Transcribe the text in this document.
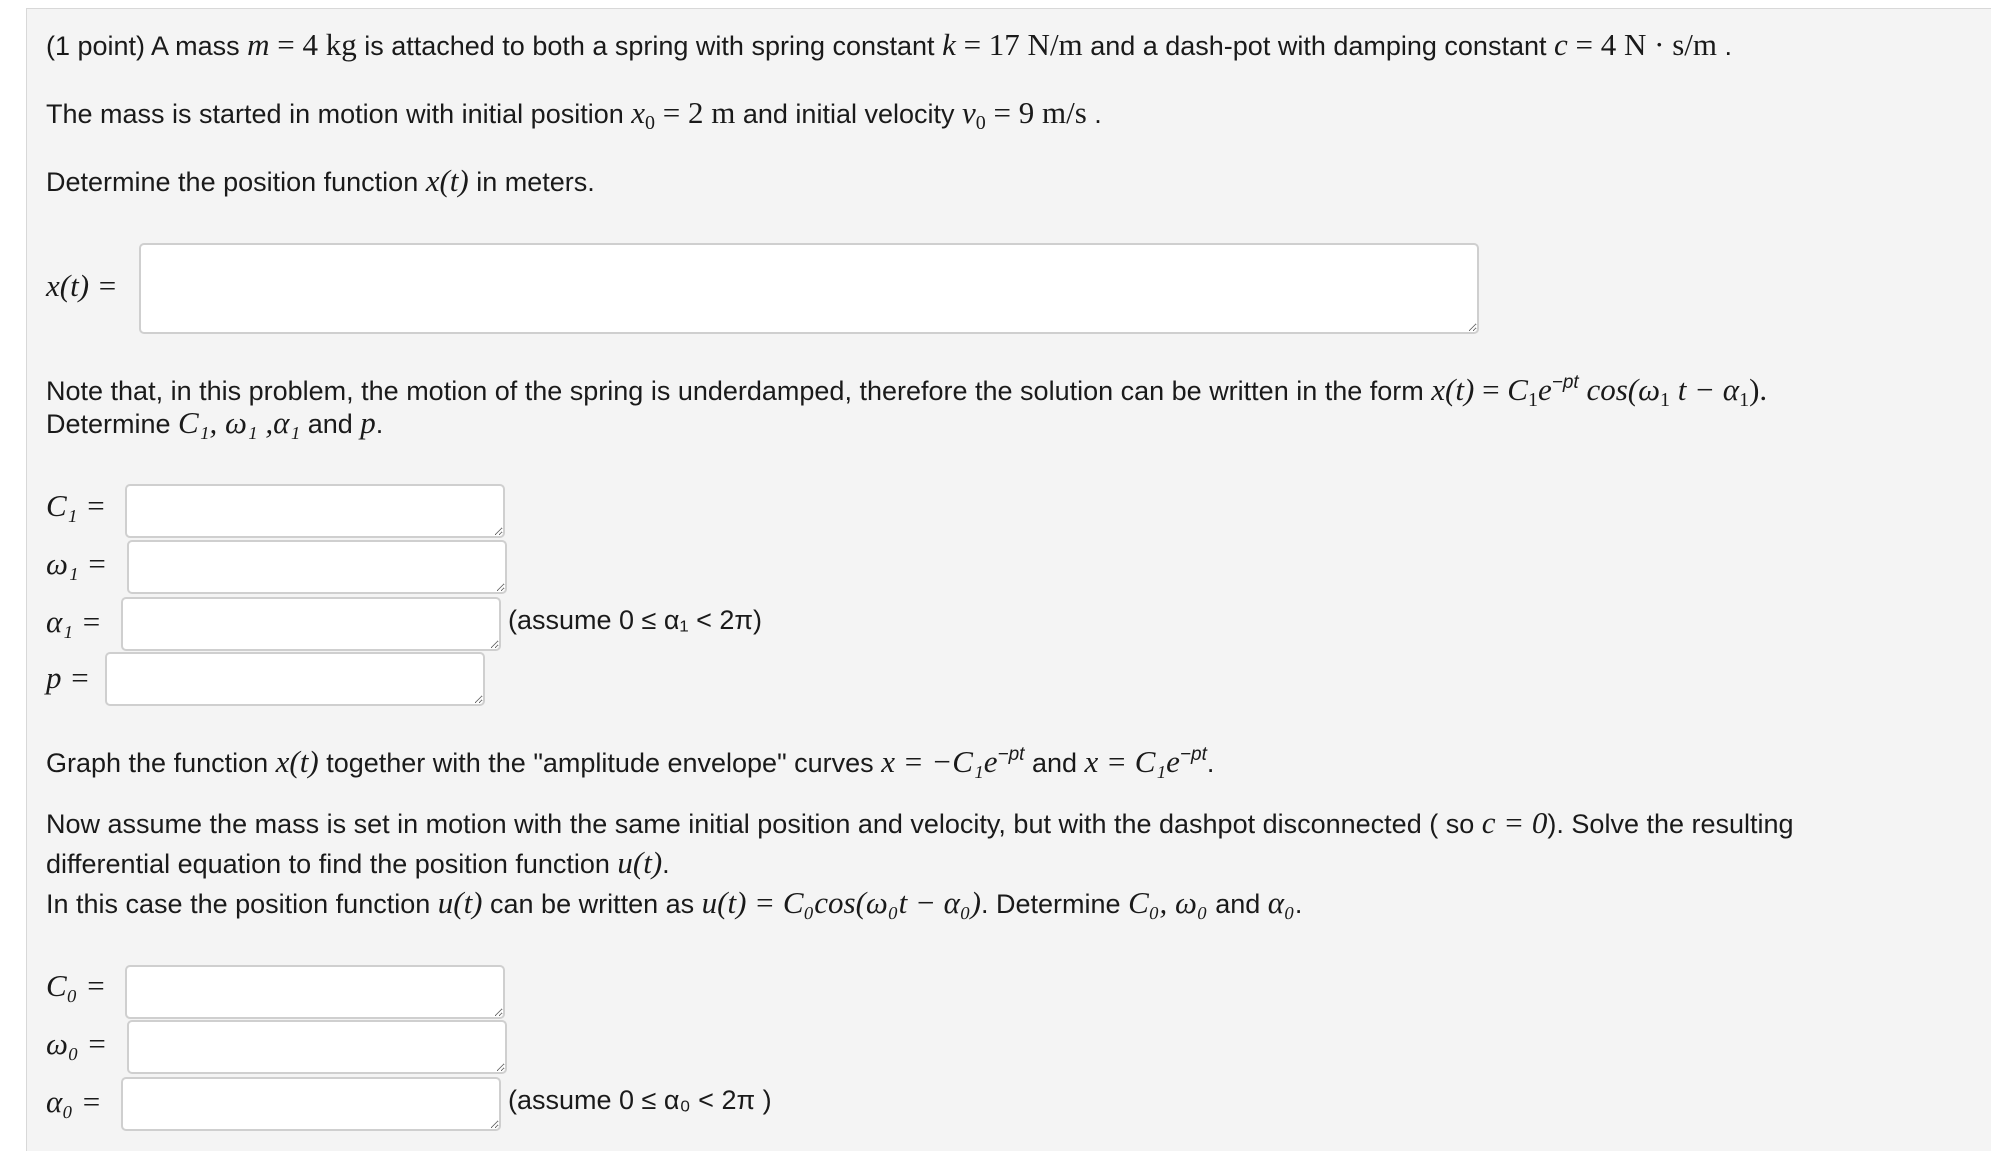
(1 point) A mass m = 4 kg is attached to both a spring with spring constant k = 17 N/m and a dash-pot with damping constant c = 4 N · s/m .
The mass is started in motion with initial position $x_0 = 2$ m and initial velocity $v_0 = 9$ m/s .
Determine the position function x(t) in meters.
x(t) =
Note that, in this problem, the motion of the spring is underdamped, therefore the solution can be written in the form $x(t) = C_1e^{-pt}$ $\cos(\omega_1$ $t - \alpha_1$).
Determine C₁, ω₁ ,α₁ and p.
C₁ =
ω₁ =
α₁ =	(assume 0 ≤ α₁ < 2π)
p =
Graph the function x(t) together with the "amplitude envelope" curves $x = -C_1e^{-pt}$ and $x = C_1e^{-pt}$.
Now assume the mass is set in motion with the same initial position and velocity, but with the dashpot disconnected ( so c = 0). Solve the resulting
differential equation to find the position function u(t).
In this case the position function u(t) can be written as u(t) = C₀cos(ω₀t − α₀). Determine C₀, ω₀ and α₀.
C₀ =
ω₀ =
α₀ =	(assume 0 ≤ α₀ < 2π )
